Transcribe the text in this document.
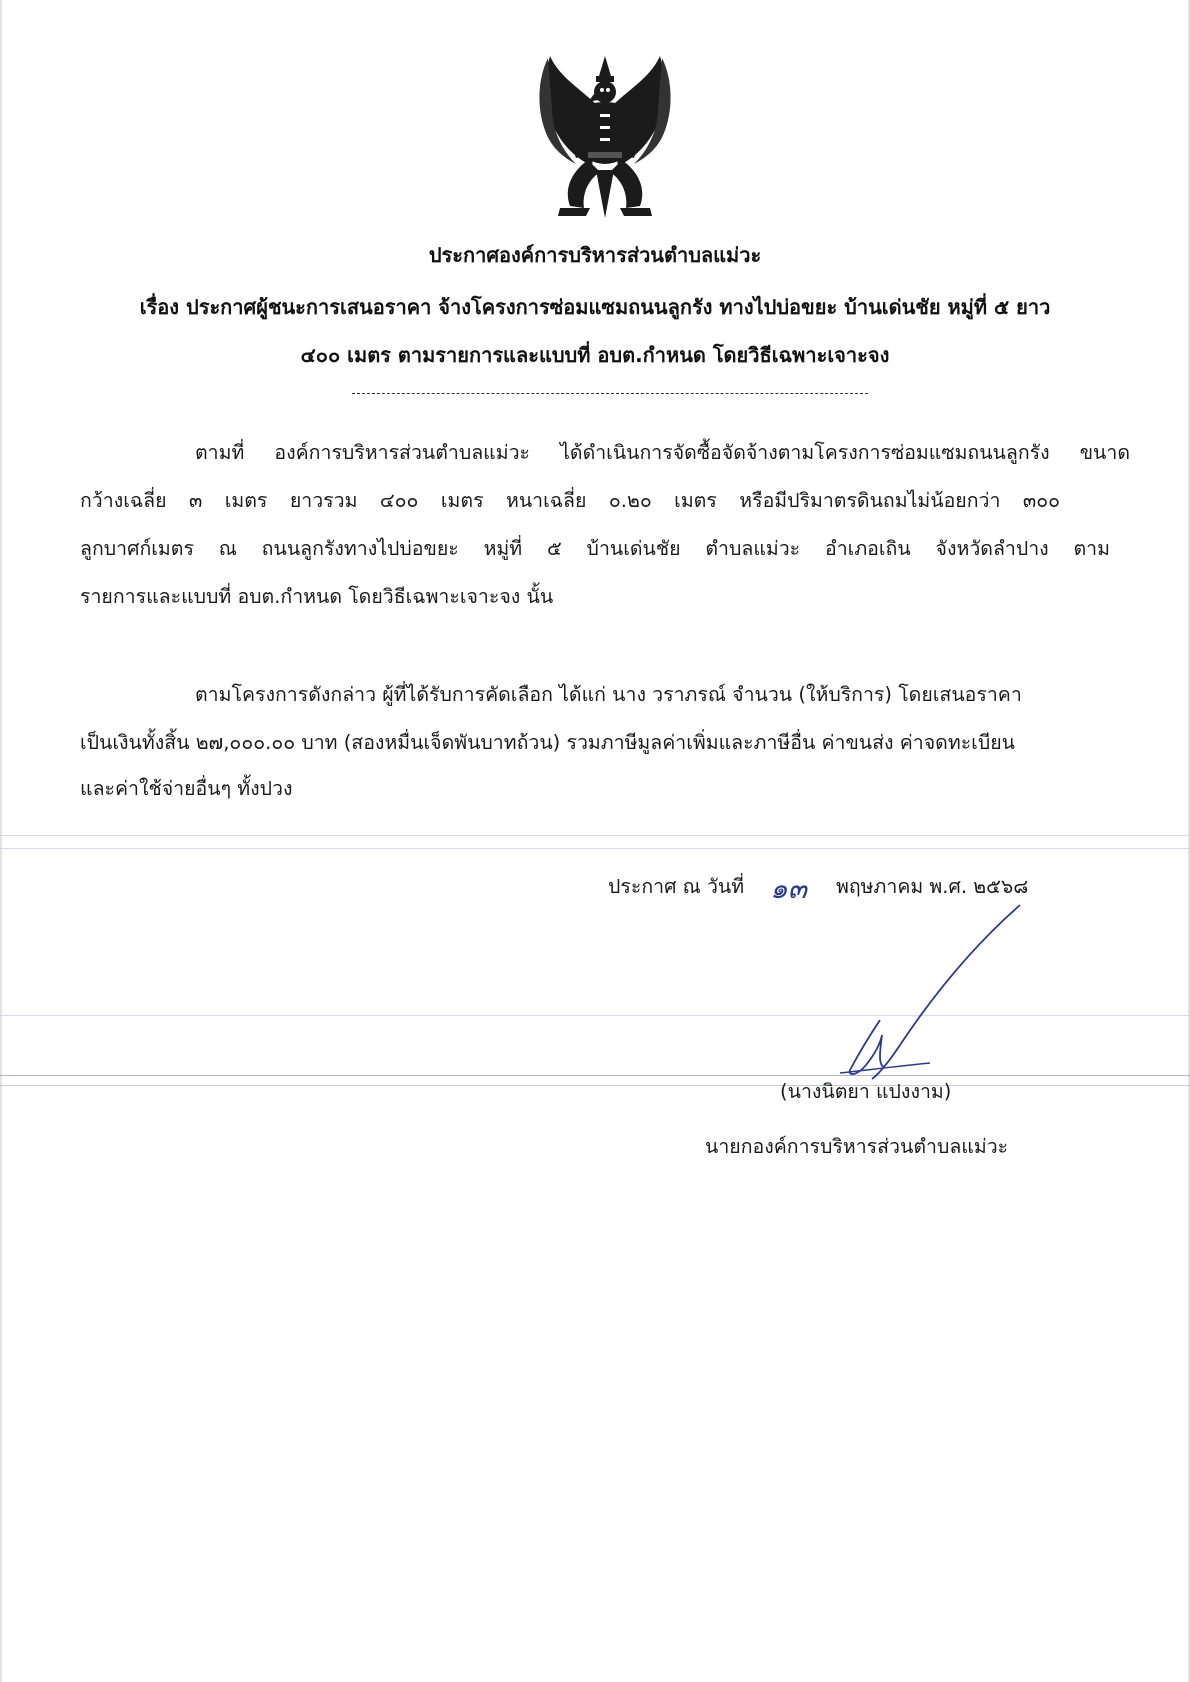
ประกาศองค์การบริหารส่วนตำบลแม่วะ
เรื่อง ประกาศผู้ชนะการเสนอราคา จ้างโครงการซ่อมแซมถนนลูกรัง ทางไปบ่อขยะ บ้านเด่นชัย หมู่ที่ ๕ ยาว
๔๐๐ เมตร ตามรายการและแบบที่ อบต.กำหนด โดยวิธีเฉพาะเจาะจง
ตามที่ องค์การบริหารส่วนตำบลแม่วะ ได้ดำเนินการจัดซื้อจัดจ้างตามโครงการซ่อมแซมถนนลูกรัง ขนาด
กว้างเฉลี่ย ๓ เมตร ยาวรวม ๔๐๐ เมตร หนาเฉลี่ย ๐.๒๐ เมตร หรือมีปริมาตรดินถมไม่น้อยกว่า ๓๐๐
ลูกบาศก์เมตร ณ ถนนลูกรังทางไปบ่อขยะ หมู่ที่ ๕ บ้านเด่นชัย ตำบลแม่วะ อำเภอเถิน จังหวัดลำปาง ตาม
รายการและแบบที่ อบต.กำหนด โดยวิธีเฉพาะเจาะจง นั้น
ตามโครงการดังกล่าว ผู้ที่ได้รับการคัดเลือก ได้แก่ นาง วราภรณ์ จำนวน (ให้บริการ) โดยเสนอราคา
เป็นเงินทั้งสิ้น ๒๗,๐๐๐.๐๐ บาท (สองหมื่นเจ็ดพันบาทถ้วน) รวมภาษีมูลค่าเพิ่มและภาษีอื่น ค่าขนส่ง ค่าจดทะเบียน
และค่าใช้จ่ายอื่นๆ ทั้งปวง
ประกาศ ณ วันที่ ๑๓ พฤษภาคม พ.ศ. ๒๕๖๘
(นางนิตยา แปงงาม)
นายกองค์การบริหารส่วนตำบลแม่วะ
